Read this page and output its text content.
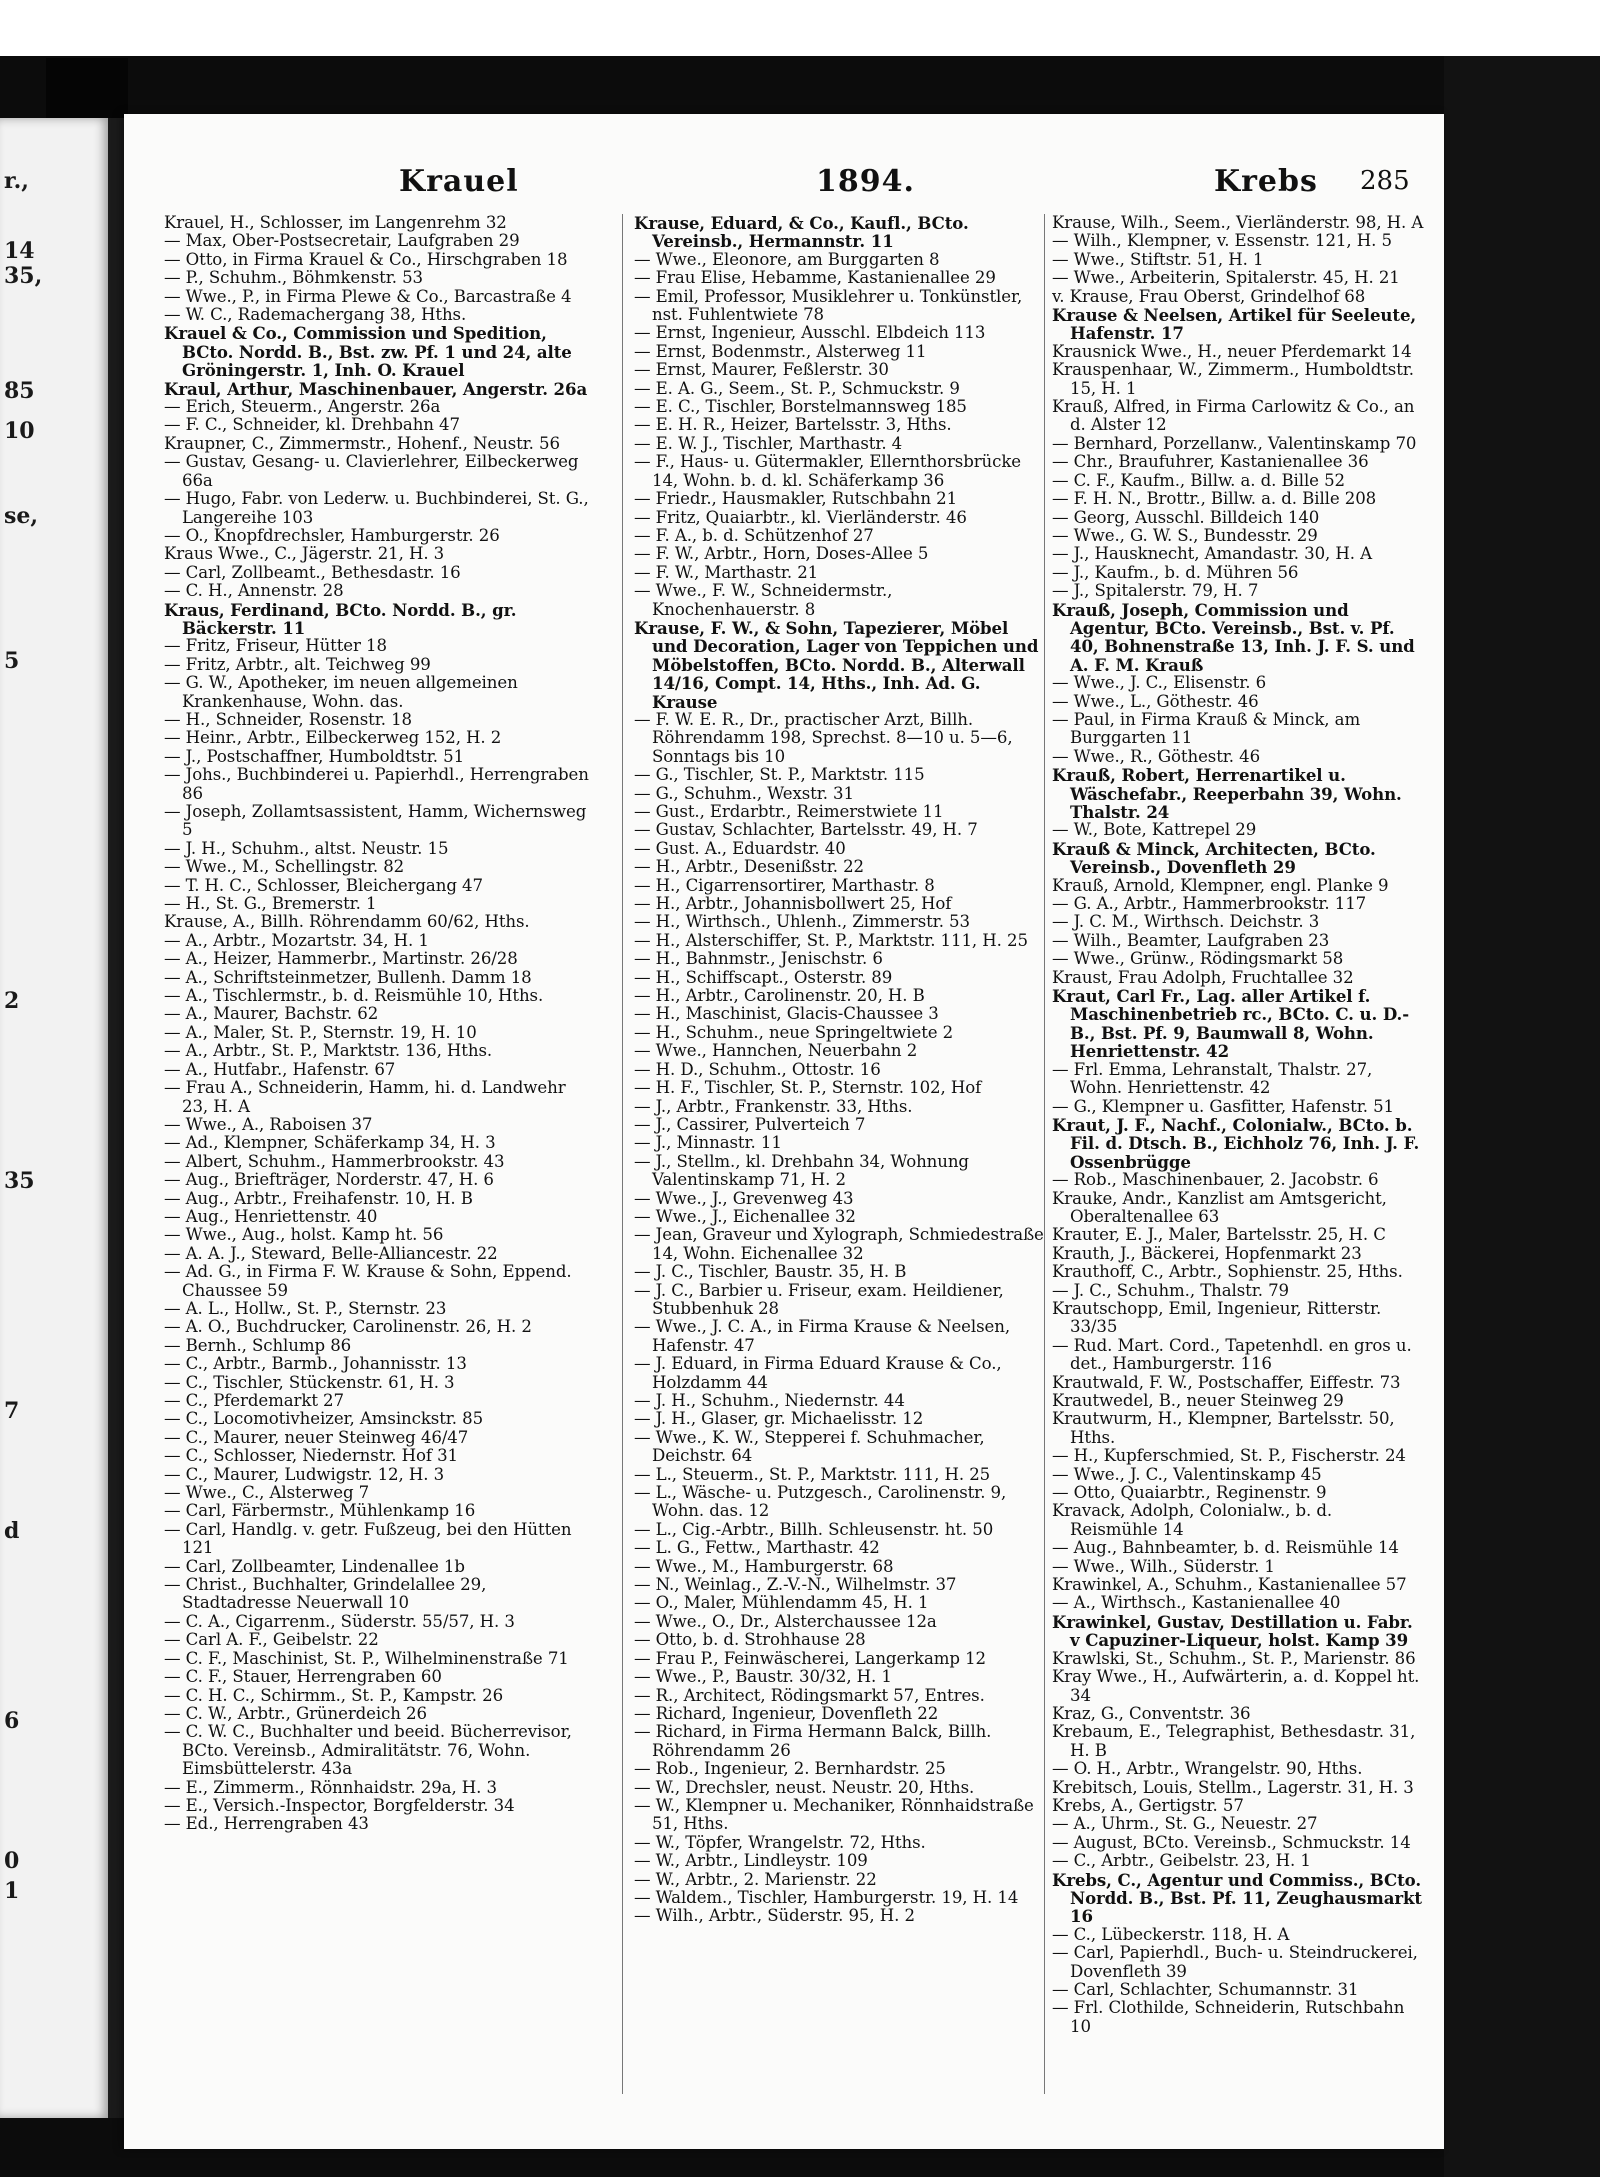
r.,
14
35,
85
10
se,
5
2
35
7
d
6
0
1
Krauel	1894.	Krebs 285

Krauel, H., Schlosser, im Langenrehm 32

— Max, Ober-Postsecretair, Laufgraben 29

— Otto, in Firma Krauel & Co., Hirschgraben 18

— P., Schuhm., Böhmkenstr. 53

— Wwe., P., in Firma Plewe & Co., Barcastraße 4

— W. C., Rademachergang 38, Hths.

Krauel & Co., Commission und Spedition, BCto. Nordd. B., Bst. zw. Pf. 1 und 24, alte Gröningerstr. 1, Inh. O. Krauel

Kraul, Arthur, Maschinenbauer, Angerstr. 26a

— Erich, Steuerm., Angerstr. 26a

— F. C., Schneider, kl. Drehbahn 47

Kraupner, C., Zimmermstr., Hohenf., Neustr. 56

— Gustav, Gesang- u. Clavierlehrer, Eilbeckerweg 66a

— Hugo, Fabr. von Lederw. u. Buchbinderei, St. G., Langereihe 103

— O., Knopfdrechsler, Hamburgerstr. 26

Kraus Wwe., C., Jägerstr. 21, H. 3

— Carl, Zollbeamt., Bethesdastr. 16

— C. H., Annenstr. 28

Kraus, Ferdinand, BCto. Nordd. B., gr. Bäckerstr. 11

— Fritz, Friseur, Hütter 18

— Fritz, Arbtr., alt. Teichweg 99

— G. W., Apotheker, im neuen allgemeinen Krankenhause, Wohn. das.

— H., Schneider, Rosenstr. 18

— Heinr., Arbtr., Eilbeckerweg 152, H. 2

— J., Postschaffner, Humboldtstr. 51

— Johs., Buchbinderei u. Papierhdl., Herrengraben 86

— Joseph, Zollamtsassistent, Hamm, Wichernsweg 5

— J. H., Schuhm., altst. Neustr. 15

— Wwe., M., Schellingstr. 82

— T. H. C., Schlosser, Bleichergang 47

— H., St. G., Bremerstr. 1

Krause, A., Billh. Röhrendamm 60/62, Hths.

— A., Arbtr., Mozartstr. 34, H. 1

— A., Heizer, Hammerbr., Martinstr. 26/28

— A., Schriftsteinmetzer, Bullenh. Damm 18

— A., Tischlermstr., b. d. Reismühle 10, Hths.

— A., Maurer, Bachstr. 62

— A., Maler, St. P., Sternstr. 19, H. 10

— A., Arbtr., St. P., Marktstr. 136, Hths.

— A., Hutfabr., Hafenstr. 67

— Frau A., Schneiderin, Hamm, hi. d. Landwehr 23, H. A

— Wwe., A., Raboisen 37

— Ad., Klempner, Schäferkamp 34, H. 3

— Albert, Schuhm., Hammerbrookstr. 43

— Aug., Briefträger, Norderstr. 47, H. 6

— Aug., Arbtr., Freihafenstr. 10, H. B

— Aug., Henriettenstr. 40

— Wwe., Aug., holst. Kamp ht. 56

— A. A. J., Steward, Belle-Alliancestr. 22

— Ad. G., in Firma F. W. Krause & Sohn, Eppend. Chaussee 59

— A. L., Hollw., St. P., Sternstr. 23

— A. O., Buchdrucker, Carolinenstr. 26, H. 2

— Bernh., Schlump 86

— C., Arbtr., Barmb., Johannisstr. 13

— C., Tischler, Stückenstr. 61, H. 3

— C., Pferdemarkt 27

— C., Locomotivheizer, Amsinckstr. 85

— C., Maurer, neuer Steinweg 46/47

— C., Schlosser, Niedernstr. Hof 31

— C., Maurer, Ludwigstr. 12, H. 3

— Wwe., C., Alsterweg 7

— Carl, Färbermstr., Mühlenkamp 16

— Carl, Handlg. v. getr. Fußzeug, bei den Hütten 121

— Carl, Zollbeamter, Lindenallee 1b

— Christ., Buchhalter, Grindelallee 29, Stadtadresse Neuerwall 10

— C. A., Cigarrenm., Süderstr. 55/57, H. 3

— Carl A. F., Geibelstr. 22

— C. F., Maschinist, St. P., Wilhelminenstraße 71

— C. F., Stauer, Herrengraben 60

— C. H. C., Schirmm., St. P., Kampstr. 26

— C. W., Arbtr., Grünerdeich 26

— C. W. C., Buchhalter und beeid. Bücherrevisor, BCto. Vereinsb., Admiralitätstr. 76, Wohn. Eimsbüttelerstr. 43a

— E., Zimmerm., Rönnhaidstr. 29a, H. 3

— E., Versich.-Inspector, Borgfelderstr. 34

— Ed., Herrengraben 43

Krause, Eduard, & Co., Kaufl., BCto. Vereinsb., Hermannstr. 11

— Wwe., Eleonore, am Burggarten 8

— Frau Elise, Hebamme, Kastanienallee 29

— Emil, Professor, Musiklehrer u. Tonkünstler, nst. Fuhlentwiete 78

— Ernst, Ingenieur, Ausschl. Elbdeich 113

— Ernst, Bodenmstr., Alsterweg 11

— Ernst, Maurer, Feßlerstr. 30

— E. A. G., Seem., St. P., Schmuckstr. 9

— E. C., Tischler, Borstelmannsweg 185

— E. H. R., Heizer, Bartelsstr. 3, Hths.

— E. W. J., Tischler, Marthastr. 4

— F., Haus- u. Gütermakler, Ellernthorsbrücke 14, Wohn. b. d. kl. Schäferkamp 36

— Friedr., Hausmakler, Rutschbahn 21

— Fritz, Quaiarbtr., kl. Vierländerstr. 46

— F. A., b. d. Schützenhof 27

— F. W., Arbtr., Horn, Doses-Allee 5

— F. W., Marthastr. 21

— Wwe., F. W., Schneidermstr., Knochenhauerstr. 8

Krause, F. W., & Sohn, Tapezierer, Möbel und Decoration, Lager von Teppichen und Möbelstoffen, BCto. Nordd. B., Alterwall 14/16, Compt. 14, Hths., Inh. Ad. G. Krause

— F. W. E. R., Dr., practischer Arzt, Billh. Röhrendamm 198, Sprechst. 8—10 u. 5—6, Sonntags bis 10

— G., Tischler, St. P., Marktstr. 115

— G., Schuhm., Wexstr. 31

— Gust., Erdarbtr., Reimerstwiete 11

— Gustav, Schlachter, Bartelsstr. 49, H. 7

— Gust. A., Eduardstr. 40

— H., Arbtr., Desenißstr. 22

— H., Cigarrensortirer, Marthastr. 8

— H., Arbtr., Johannisbollwert 25, Hof

— H., Wirthsch., Uhlenh., Zimmerstr. 53

— H., Alsterschiffer, St. P., Marktstr. 111, H. 25

— H., Bahnmstr., Jenischstr. 6

— H., Schiffscapt., Osterstr. 89

— H., Arbtr., Carolinenstr. 20, H. B

— H., Maschinist, Glacis-Chaussee 3

— H., Schuhm., neue Springeltwiete 2

— Wwe., Hannchen, Neuerbahn 2

— H. D., Schuhm., Ottostr. 16

— H. F., Tischler, St. P., Sternstr. 102, Hof

— J., Arbtr., Frankenstr. 33, Hths.

— J., Cassirer, Pulverteich 7

— J., Minnastr. 11

— J., Stellm., kl. Drehbahn 34, Wohnung Valentinskamp 71, H. 2

— Wwe., J., Grevenweg 43

— Wwe., J., Eichenallee 32

— Jean, Graveur und Xylograph, Schmiedestraße 14, Wohn. Eichenallee 32

— J. C., Tischler, Baustr. 35, H. B

— J. C., Barbier u. Friseur, exam. Heildiener, Stubbenhuk 28

— Wwe., J. C. A., in Firma Krause & Neelsen, Hafenstr. 47

— J. Eduard, in Firma Eduard Krause & Co., Holzdamm 44

— J. H., Schuhm., Niedernstr. 44

— J. H., Glaser, gr. Michaelisstr. 12

— Wwe., K. W., Stepperei f. Schuhmacher, Deichstr. 64

— L., Steuerm., St. P., Marktstr. 111, H. 25

— L., Wäsche- u. Putzgesch., Carolinenstr. 9, Wohn. das. 12

— L., Cig.-Arbtr., Billh. Schleusenstr. ht. 50

— L. G., Fettw., Marthastr. 42

— Wwe., M., Hamburgerstr. 68

— N., Weinlag., Z.-V.-N., Wilhelmstr. 37

— O., Maler, Mühlendamm 45, H. 1

— Wwe., O., Dr., Alsterchaussee 12a

— Otto, b. d. Strohhause 28

— Frau P., Feinwäscherei, Langerkamp 12

— Wwe., P., Baustr. 30/32, H. 1

— R., Architect, Rödingsmarkt 57, Entres.

— Richard, Ingenieur, Dovenfleth 22

— Richard, in Firma Hermann Balck, Billh. Röhrendamm 26

— Rob., Ingenieur, 2. Bernhardstr. 25

— W., Drechsler, neust. Neustr. 20, Hths.

— W., Klempner u. Mechaniker, Rönnhaidstraße 51, Hths.

— W., Töpfer, Wrangelstr. 72, Hths.

— W., Arbtr., Lindleystr. 109

— W., Arbtr., 2. Marienstr. 22

— Waldem., Tischler, Hamburgerstr. 19, H. 14

— Wilh., Arbtr., Süderstr. 95, H. 2

Krause, Wilh., Seem., Vierländerstr. 98, H. A

— Wilh., Klempner, v. Essenstr. 121, H. 5

— Wwe., Stiftstr. 51, H. 1

— Wwe., Arbeiterin, Spitalerstr. 45, H. 21

v. Krause, Frau Oberst, Grindelhof 68

Krause & Neelsen, Artikel für Seeleute, Hafenstr. 17

Krausnick Wwe., H., neuer Pferdemarkt 14

Krauspenhaar, W., Zimmerm., Humboldtstr. 15, H. 1

Krauß, Alfred, in Firma Carlowitz & Co., an d. Alster 12

— Bernhard, Porzellanw., Valentinskamp 70

— Chr., Braufuhrer, Kastanienallee 36

— C. F., Kaufm., Billw. a. d. Bille 52

— F. H. N., Brottr., Billw. a. d. Bille 208

— Georg, Ausschl. Billdeich 140

— Wwe., G. W. S., Bundesstr. 29

— J., Hausknecht, Amandastr. 30, H. A

— J., Kaufm., b. d. Mühren 56

— J., Spitalerstr. 79, H. 7

Krauß, Joseph, Commission und Agentur, BCto. Vereinsb., Bst. v. Pf. 40, Bohnenstraße 13, Inh. J. F. S. und A. F. M. Krauß

— Wwe., J. C., Elisenstr. 6

— Wwe., L., Göthestr. 46

— Paul, in Firma Krauß & Minck, am Burggarten 11

— Wwe., R., Göthestr. 46

Krauß, Robert, Herrenartikel u. Wäschefabr., Reeperbahn 39, Wohn. Thalstr. 24

— W., Bote, Kattrepel 29

Krauß & Minck, Architecten, BCto. Vereinsb., Dovenfleth 29

Krauß, Arnold, Klempner, engl. Planke 9

— G. A., Arbtr., Hammerbrookstr. 117

— J. C. M., Wirthsch. Deichstr. 3

— Wilh., Beamter, Laufgraben 23

— Wwe., Grünw., Rödingsmarkt 58

Kraust, Frau Adolph, Fruchtallee 32

Kraut, Carl Fr., Lag. aller Artikel f. Maschinenbetrieb rc., BCto. C. u. D.-B., Bst. Pf. 9, Baumwall 8, Wohn. Henriettenstr. 42

— Frl. Emma, Lehranstalt, Thalstr. 27, Wohn. Henriettenstr. 42

— G., Klempner u. Gasfitter, Hafenstr. 51

Kraut, J. F., Nachf., Colonialw., BCto. b. Fil. d. Dtsch. B., Eichholz 76, Inh. J. F. Ossenbrügge

— Rob., Maschinenbauer, 2. Jacobstr. 6

Krauke, Andr., Kanzlist am Amtsgericht, Oberaltenallee 63

Krauter, E. J., Maler, Bartelsstr. 25, H. C

Krauth, J., Bäckerei, Hopfenmarkt 23

Krauthoff, C., Arbtr., Sophienstr. 25, Hths.

— J. C., Schuhm., Thalstr. 79

Krautschopp, Emil, Ingenieur, Ritterstr. 33/35

— Rud. Mart. Cord., Tapetenhdl. en gros u. det., Hamburgerstr. 116

Krautwald, F. W., Postschaffer, Eiffestr. 73

Krautwedel, B., neuer Steinweg 29

Krautwurm, H., Klempner, Bartelsstr. 50, Hths.

— H., Kupferschmied, St. P., Fischerstr. 24

— Wwe., J. C., Valentinskamp 45

— Otto, Quaiarbtr., Reginenstr. 9

Kravack, Adolph, Colonialw., b. d. Reismühle 14

— Aug., Bahnbeamter, b. d. Reismühle 14

— Wwe., Wilh., Süderstr. 1

Krawinkel, A., Schuhm., Kastanienallee 57

— A., Wirthsch., Kastanienallee 40

Krawinkel, Gustav, Destillation u. Fabr. v Capuziner-Liqueur, holst. Kamp 39

Krawlski, St., Schuhm., St. P., Marienstr. 86

Kray Wwe., H., Aufwärterin, a. d. Koppel ht. 34

Kraz, G., Conventstr. 36

Krebaum, E., Telegraphist, Bethesdastr. 31, H. B

— O. H., Arbtr., Wrangelstr. 90, Hths.

Krebitsch, Louis, Stellm., Lagerstr. 31, H. 3

Krebs, A., Gertigstr. 57

— A., Uhrm., St. G., Neuestr. 27

— August, BCto. Vereinsb., Schmuckstr. 14

— C., Arbtr., Geibelstr. 23, H. 1

Krebs, C., Agentur und Commiss., BCto. Nordd. B., Bst. Pf. 11, Zeughausmarkt 16

— C., Lübeckerstr. 118, H. A

— Carl, Papierhdl., Buch- u. Steindruckerei, Dovenfleth 39

— Carl, Schlachter, Schumannstr. 31

— Frl. Clothilde, Schneiderin, Rutschbahn 10
